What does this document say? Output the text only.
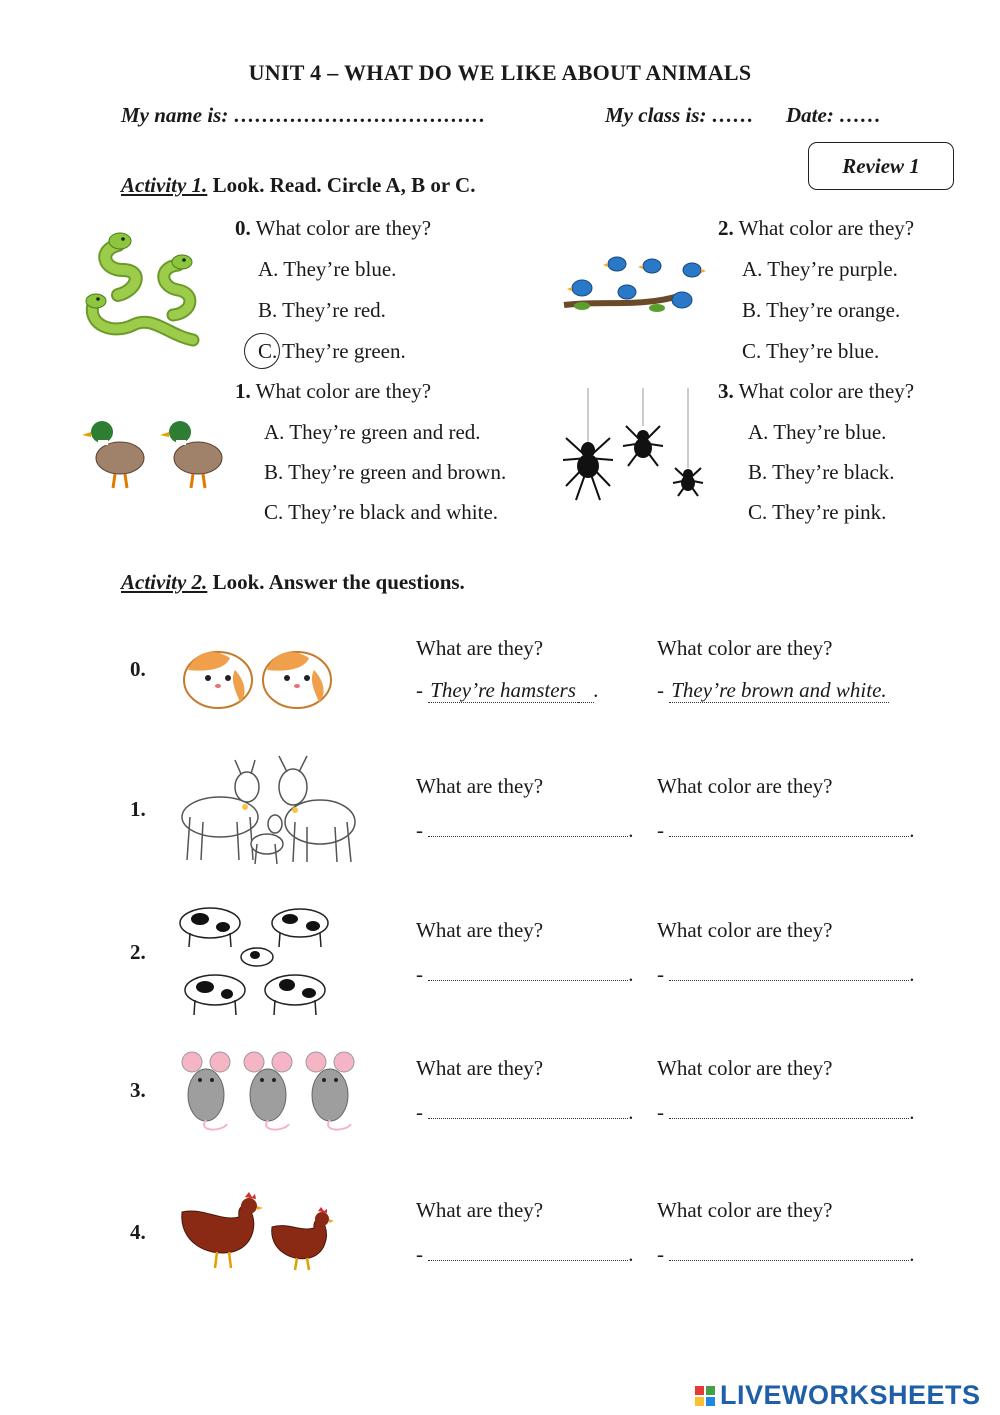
UNIT 4 – WHAT DO WE LIKE ABOUT ANIMALS
My name is: ………………………………	My class is: …… Date: ……
Review 1
Activity 1. Look. Read. Circle A, B or C.
0. What color are they?
A. They’re blue.
B. They’re red.
C. They’re green.
1. What color are they?
A. They’re green and red.
B. They’re green and brown.
C. They’re black and white.
2. What color are they?
A. They’re purple.
B. They’re orange.
C. They’re blue.
3. What color are they?
A. They’re blue.
B. They’re black.
C. They’re pink.
Activity 2. Look. Answer the questions.
0.
What are they?	What color are they?
- They’re hamsters .	- They’re brown and white.
1.
What are they?	What color are they?
-	. -	.
2.
What are they?	What color are they?
-	. -	.
3.
What are they?	What color are they?
-	. -	.
4.
What are they?	What color are they?
-	. -	.
LIVEWORKSHEETS
